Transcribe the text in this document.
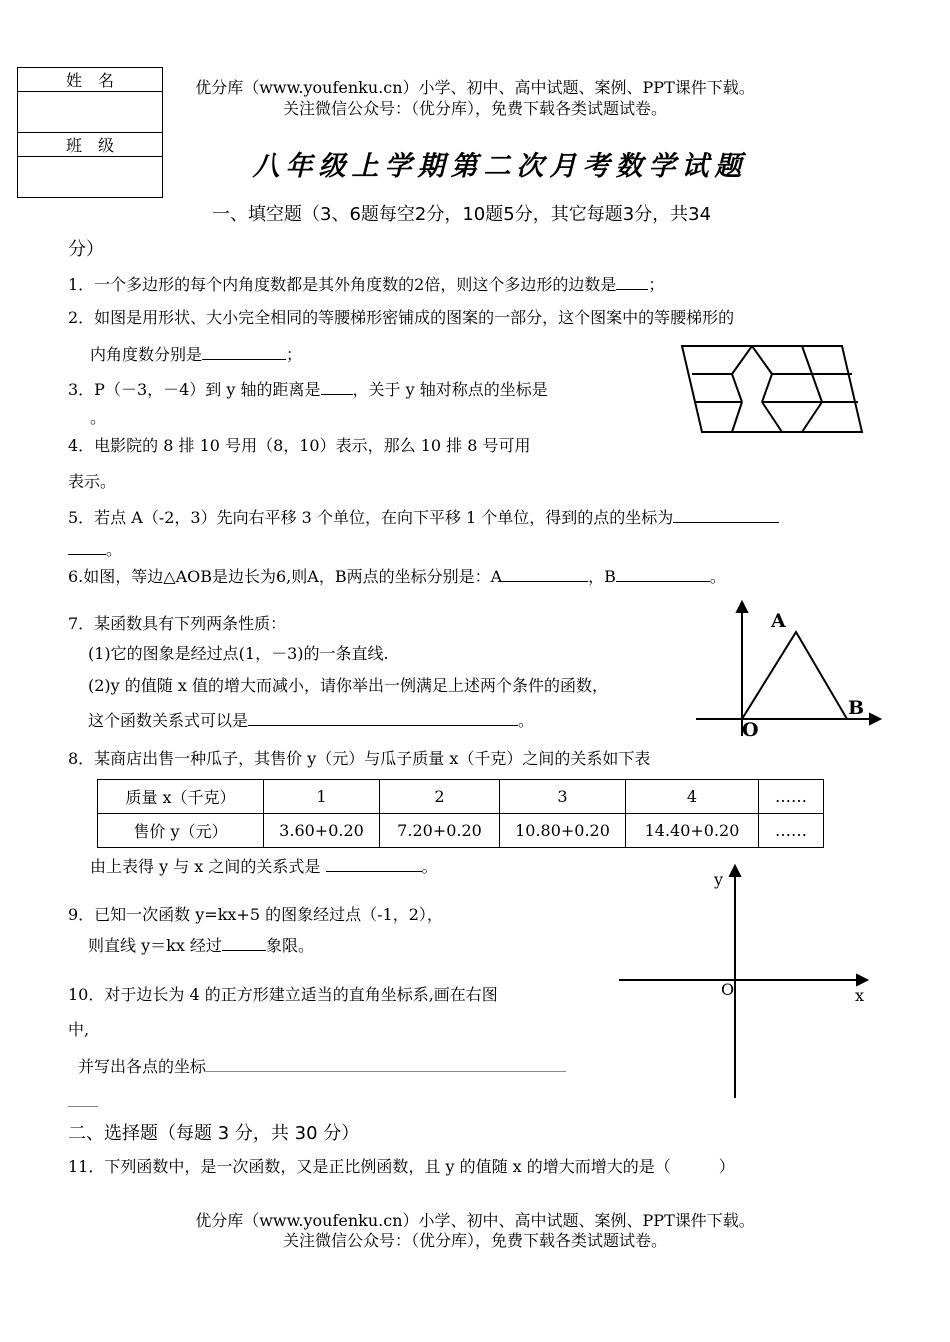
姓　名

班　级

优分库（www.youfenku.cn）小学、初中、高中试题、案例、PPT课件下载。
关注微信公众号：（优分库），免费下载各类试题试卷。
八年级上学期第二次月考数学试题
一、填空题（3、6题每空2分，10题5分，其它每题3分，共34
分）
1．一个多边形的每个内角度数都是其外角度数的2倍，则这个多边形的边数是 ；
2．如图是用形状、大小完全相同的等腰梯形密铺成的图案的一部分，这个图案中的等腰梯形的
内角度数分别是	；
3．P（－3，－4）到 y 轴的距离是 ，关于 y 轴对称点的坐标是
。
4．电影院的 8 排 10 号用（8，10）表示，那么 10 排 8 号可用
表示。
5．若点 A（-2，3）先向右平移 3 个单位，在向下平移 1 个单位，得到的点的坐标为
。
6.如图，等边△AOB是边长为6,则A，B两点的坐标分别是：A	，B	。
7．某函数具有下列两条性质：
(1)它的图象是经过点(1，－3)的一条直线.
(2)y 的值随 x 值的增大而减小，请你举出一例满足上述两个条件的函数，
这个函数关系式可以是	。
A
B
O
8．某商店出售一种瓜子，其售价 y（元）与瓜子质量 x（千克）之间的关系如下表
质量 x（千克）	1	2	3	4	……
售价 y（元）	3.60+0.20	7.20+0.20	10.80+0.20	14.40+0.20	……
由上表得 y 与 x 之间的关系式是	。
y
x
O
9．已知一次函数 y=kx+5 的图象经过点（-1，2），
则直线 y＝kx 经过	象限。
10．对于边长为 4 的正方形建立适当的直角坐标系,画在右图
中,
并写出各点的坐标
二、选择题（每题 3 分，共 30 分）
11．下列函数中，是一次函数，又是正比例函数，且 y 的值随 x 的增大而增大的是（　　　）
优分库（www.youfenku.cn）小学、初中、高中试题、案例、PPT课件下载。
关注微信公众号：（优分库），免费下载各类试题试卷。
